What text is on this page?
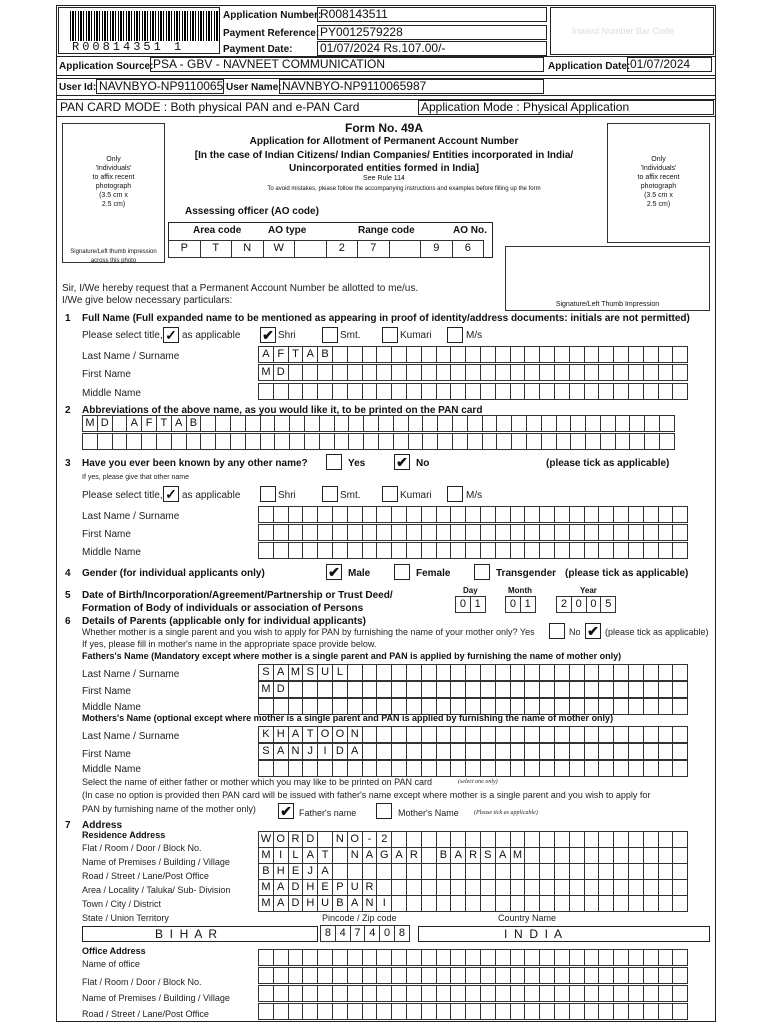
R00814351 1
Application Number:
R008143511
Payment Reference: PY0012579228
Payment Date: 01/07/2024 Rs.107.00/-
Inward Number Bar Code
Application Source: PSA - GBV - NAVNEET COMMUNICATION	Application Date: 01/07/2024
User Id: NAVNBYO-NP9110065 User Name: NAVNBYO-NP9110065987
PAN CARD MODE : Both physical PAN and e-PAN Card	Application Mode : Physical Application
Only
'Individuals'
to affix recent
photograph
(3.5 cm x
2.5 cm)
Signature/Left thumb impression across this photo
Only
'Individuals'
to affix recent
photograph
(3.5 cm x
2.5 cm)
Signature/Left Thumb Impression
Form No. 49A
Application for Allotment of Permanent Account Number
[In the case of Indian Citizens/ Indian Companies/ Entities incorporated in India/
Unincorporated entities formed in India]
See Rule 114
To avoid mistakes, please follow the accompanying instructions and examples before filling up the form
Assessing officer (AO code)
Area code	AO type	Range code	AO No.
P	T	N	W	2	7	9	6
Sir, I/We hereby request that a Permanent Account Number be allotted to me/us.
I/We give below necessary particulars:
1 Full Name (Full expanded name to be mentioned as appearing in proof of identity/address documents: initials are not permitted)
Please select title, ✓ as applicable ✔ Shri	Smt.	Kumari	M/s
Last Name / Surname	A F T A B
First Name	M D
Middle Name
2 Abbreviations of the above name, as you would like it, to be printed on the PAN card
M D	A F T A B
3 Have you ever been known by any other name?	Yes ✔ No	(please tick as applicable)
If yes, please give that other name
Please select title, ✓ as applicable	Shri	Smt.	Kumari	M/s
Last Name / Surname
First Name
Middle Name
4 Gender (for individual applicants only)	✔ Male	Female	Transgender (please tick as applicable)
5 Date of Birth/Incorporation/Agreement/Partnership or Trust Deed/
Formation of Body of individuals or association of Persons
Day	Month	Year
0 1	0 1	2 0 0 5
6 Details of Parents (applicable only for individual applicants)
Whether mother is a single parent and you wish to apply for PAN by furnishing the name of your mother only? Yes	No ✔ (please tick as applicable)
If yes, please fill in mother's name in the appropriate space provide below.
Fathers's Name (Mandatory except where mother is a single parent and PAN is applied by furnishing the name of mother only)
Last Name / Surname	S A M S U L
First Name	M D
Middle Name
Mothers's Name (optional except where mother is a single parent and PAN is applied by furnishing the name of mother only)
Last Name / Surname	K H A T O O N
First Name	S A N J I D A
Middle Name
Select the name of either father or mother which you may like to be printed on PAN card	(select one only)
(In case no option is provided then PAN card will be issued with father's name except where mother is a single parent and you wish to apply for
PAN by furnishing name of the mother only) ✔ Father's name	Mother's Name	(Please tick as applicable)
7 Address
Residence Address
Flat / Room / Door / Block No.
W O R D	N O - 2
Name of Premises / Building / Village
M I L A T	N A G A R	B A R S A M
Road / Street / Lane/Post Office	B H E J A
Area / Locality / Taluka/ Sub- Division	M A D H E P U R
Town / City / District	M A D H U B A N I
State / Union Territory	Pincode / Zip code	Country Name
B  I  H  A  R	8 4 7 4 0 8	I  N  D  I  A
Office Address
Name of office
Flat / Room / Door / Block No.
Name of Premises / Building / Village
Road / Street / Lane/Post Office
